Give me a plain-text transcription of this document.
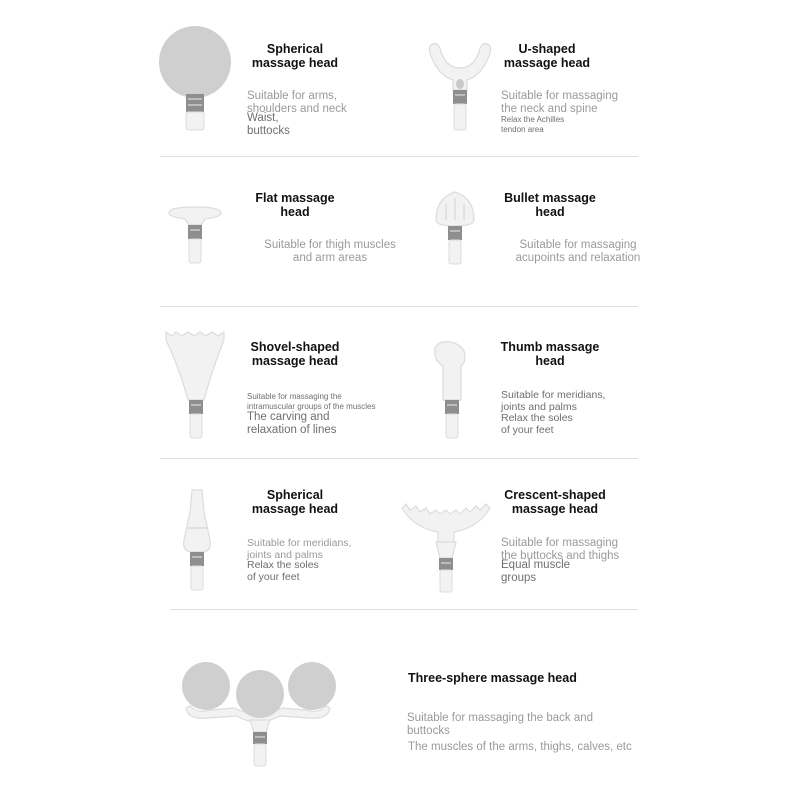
Spherical
massage head
Suitable for arms,
shoulders and neck
Waist,
buttocks
U-shaped
massage head
Suitable for massaging
the neck and spine
Relax the Achilles
tendon area
Flat massage
head
Suitable for thigh muscles
and arm areas
Bullet massage
head
Suitable for massaging
acupoints and relaxation
Shovel-shaped
massage head
Suitable for massaging the
intramuscular groups of the muscles
The carving and
relaxation of lines
Thumb massage
head
Suitable for meridians,
joints and palms
Relax the soles
of your feet
Spherical
massage head
Suitable for meridians,
joints and palms
Relax the soles
of your feet
Crescent-shaped
massage head
Suitable for massaging
the buttocks and thighs
Equal muscle
groups
Three-sphere massage head
Suitable for massaging the back and
buttocks
The muscles of the arms, thighs, calves, etc
